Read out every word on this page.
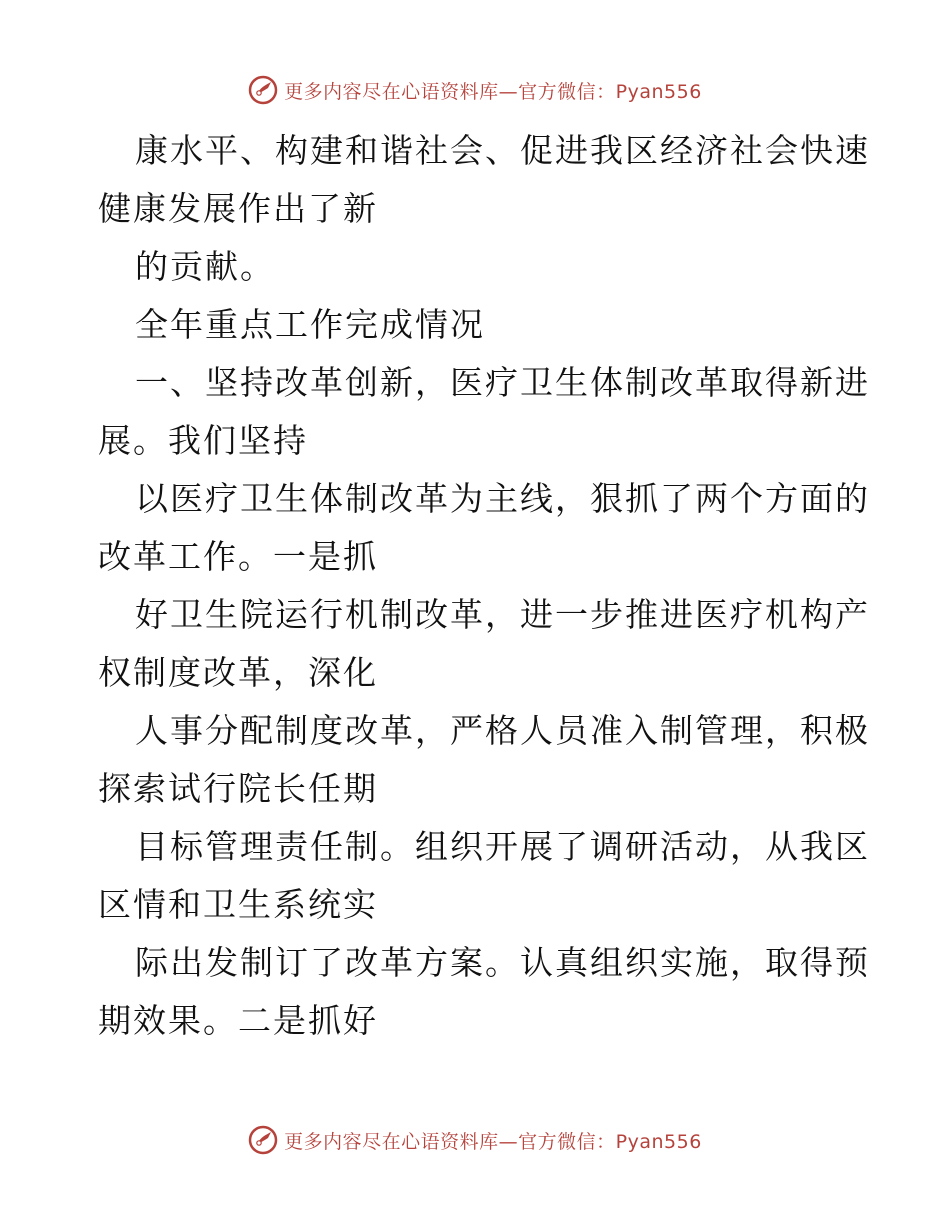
更多内容尽在心语资料库—官方微信：Pyan556
康水平、构建和谐社会、促进我区经济社会快速
健康发展作出了新
的贡献。
全年重点工作完成情况
一、坚持改革创新，医疗卫生体制改革取得新进
展。我们坚持
以医疗卫生体制改革为主线，狠抓了两个方面的
改革工作。一是抓
好卫生院运行机制改革，进一步推进医疗机构产
权制度改革，深化
人事分配制度改革，严格人员准入制管理，积极
探索试行院长任期
目标管理责任制。组织开展了调研活动，从我区
区情和卫生系统实
际出发制订了改革方案。认真组织实施，取得预
期效果。二是抓好
更多内容尽在心语资料库—官方微信：Pyan556
